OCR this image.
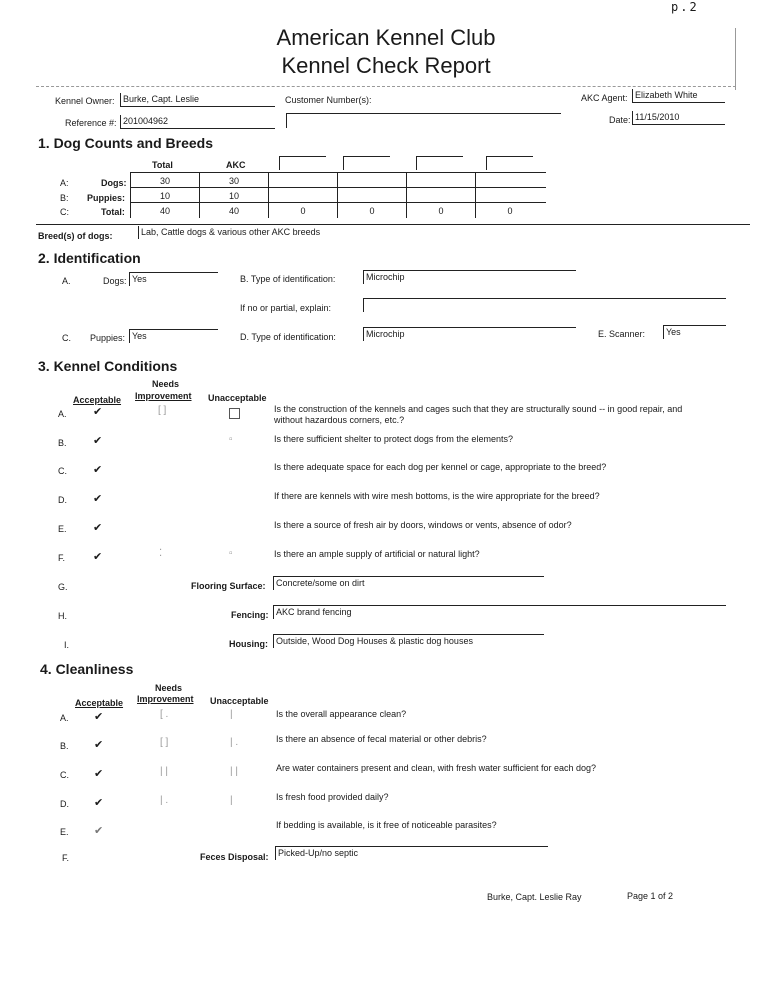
p.2
American Kennel Club
Kennel Check Report
Kennel Owner: Burke, Capt. Leslie	Customer Number(s):	AKC Agent: Elizabeth White
Reference #: 201004962	Date: 11/15/2010
1. Dog Counts and Breeds
Total	AKC
A:	Dogs:	30	30
B: Puppies:	10	10
C:	Total:	40	40	0	0	0	0
Breed(s) of dogs:	Lab, Cattle dogs & various other AKC breeds
2. Identification
A.	Dogs: Yes	B. Type of identification:	Microchip
If no or partial, explain:
C. Puppies: Yes	D. Type of identification:	Microchip	E. Scanner:	Yes
3. Kennel Conditions
Needs
Acceptable Improvement Unacceptable
A. ✔	[ ]	Is the construction of the kennels and cages such that they are structurally sound -- in good repair, and
without hazardous corners, etc.?
B. ✔	▫	Is there sufficient shelter to protect dogs from the elements?
C. ✔	Is there adequate space for each dog per kennel or cage, appropriate to the breed?
D. ✔	If there are kennels with wire mesh bottoms, is the wire appropriate for the breed?
E. ✔	Is there a source of fresh air by doors, windows or vents, absence of odor?
F.	✔	⁚	▫	Is there an ample supply of artificial or natural light?
G.	Flooring Surface:	Concrete/some on dirt
H.	Fencing: AKC brand fencing
I.	Housing: Outside, Wood Dog Houses & plastic dog houses
4. Cleanliness
Needs
Acceptable Improvement Unacceptable
A. ✔	[ .	|	Is the overall appearance clean?
B. ✔	[ ]	| .	Is there an absence of fecal material or other debris?
C. ✔	| |	| |	Are water containers present and clean, with fresh water sufficient for each dog?
D. ✔	| .	|	Is fresh food provided daily?
E. ✔	If bedding is available, is it free of noticeable parasites?
F.	Feces Disposal:	Picked-Up/no septic
Burke, Capt. Leslie Ray	Page 1 of 2
